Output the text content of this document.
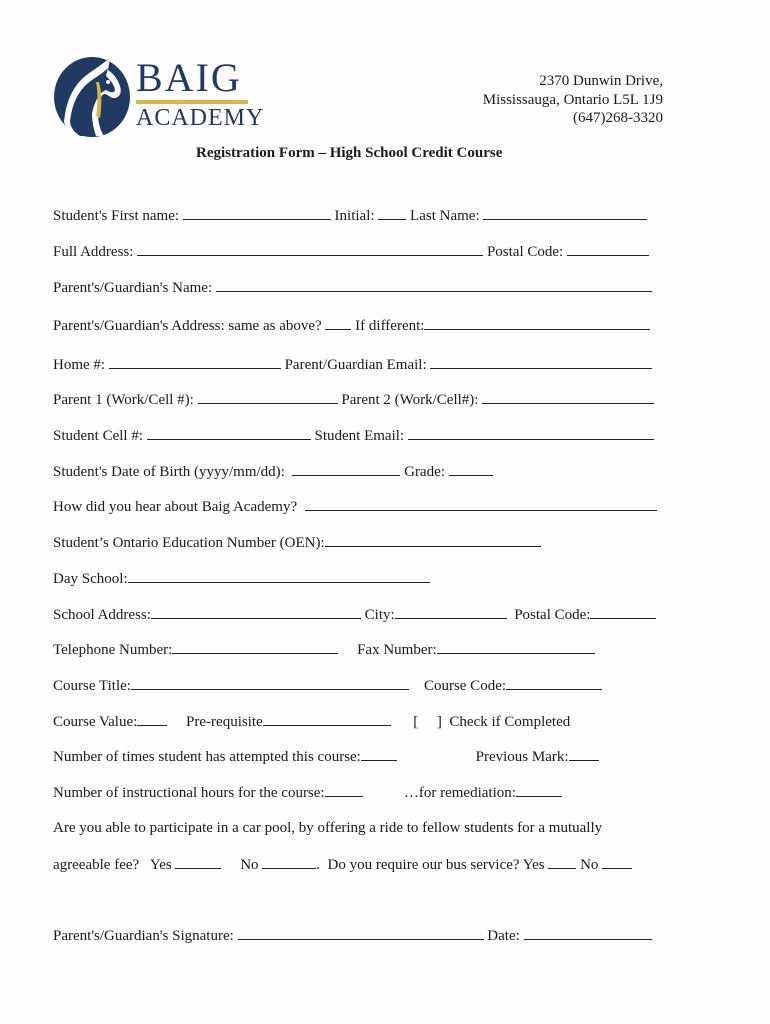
BAIG
ACADEMY
2370 Dunwin Drive,
Mississauga, Ontario L5L 1J9
(647)268-3320
Registration Form – High School Credit Course
Student's First name:	Initial: Last Name:
Full Address:	Postal Code:
Parent's/Guardian's Name:
Parent's/Guardian's Address: same as above? If different:
Home #:	Parent/Guardian Email:
Parent 1 (Work/Cell #):	Parent 2 (Work/Cell#):
Student Cell #:	Student Email:
Student's Date of Birth (yyyy/mm/dd):	Grade:
How did you hear about Baig Academy?
Student’s Ontario Education Number (OEN):
Day School:
School Address:	City:	Postal Code:
Telephone Number:	Fax Number:
Course Title:	Course Code:
Course Value:	Pre-requisite	[     ]  Check if Completed
Number of times student has attempted this course:	Previous Mark:
Number of instructional hours for the course:	…for remediation:
Are you able to participate in a car pool, by offering a ride to fellow students for a mutually
agreeable fee?   Yes	No	.  Do you require our bus service? Yes No
Parent's/Guardian's Signature:	Date:
